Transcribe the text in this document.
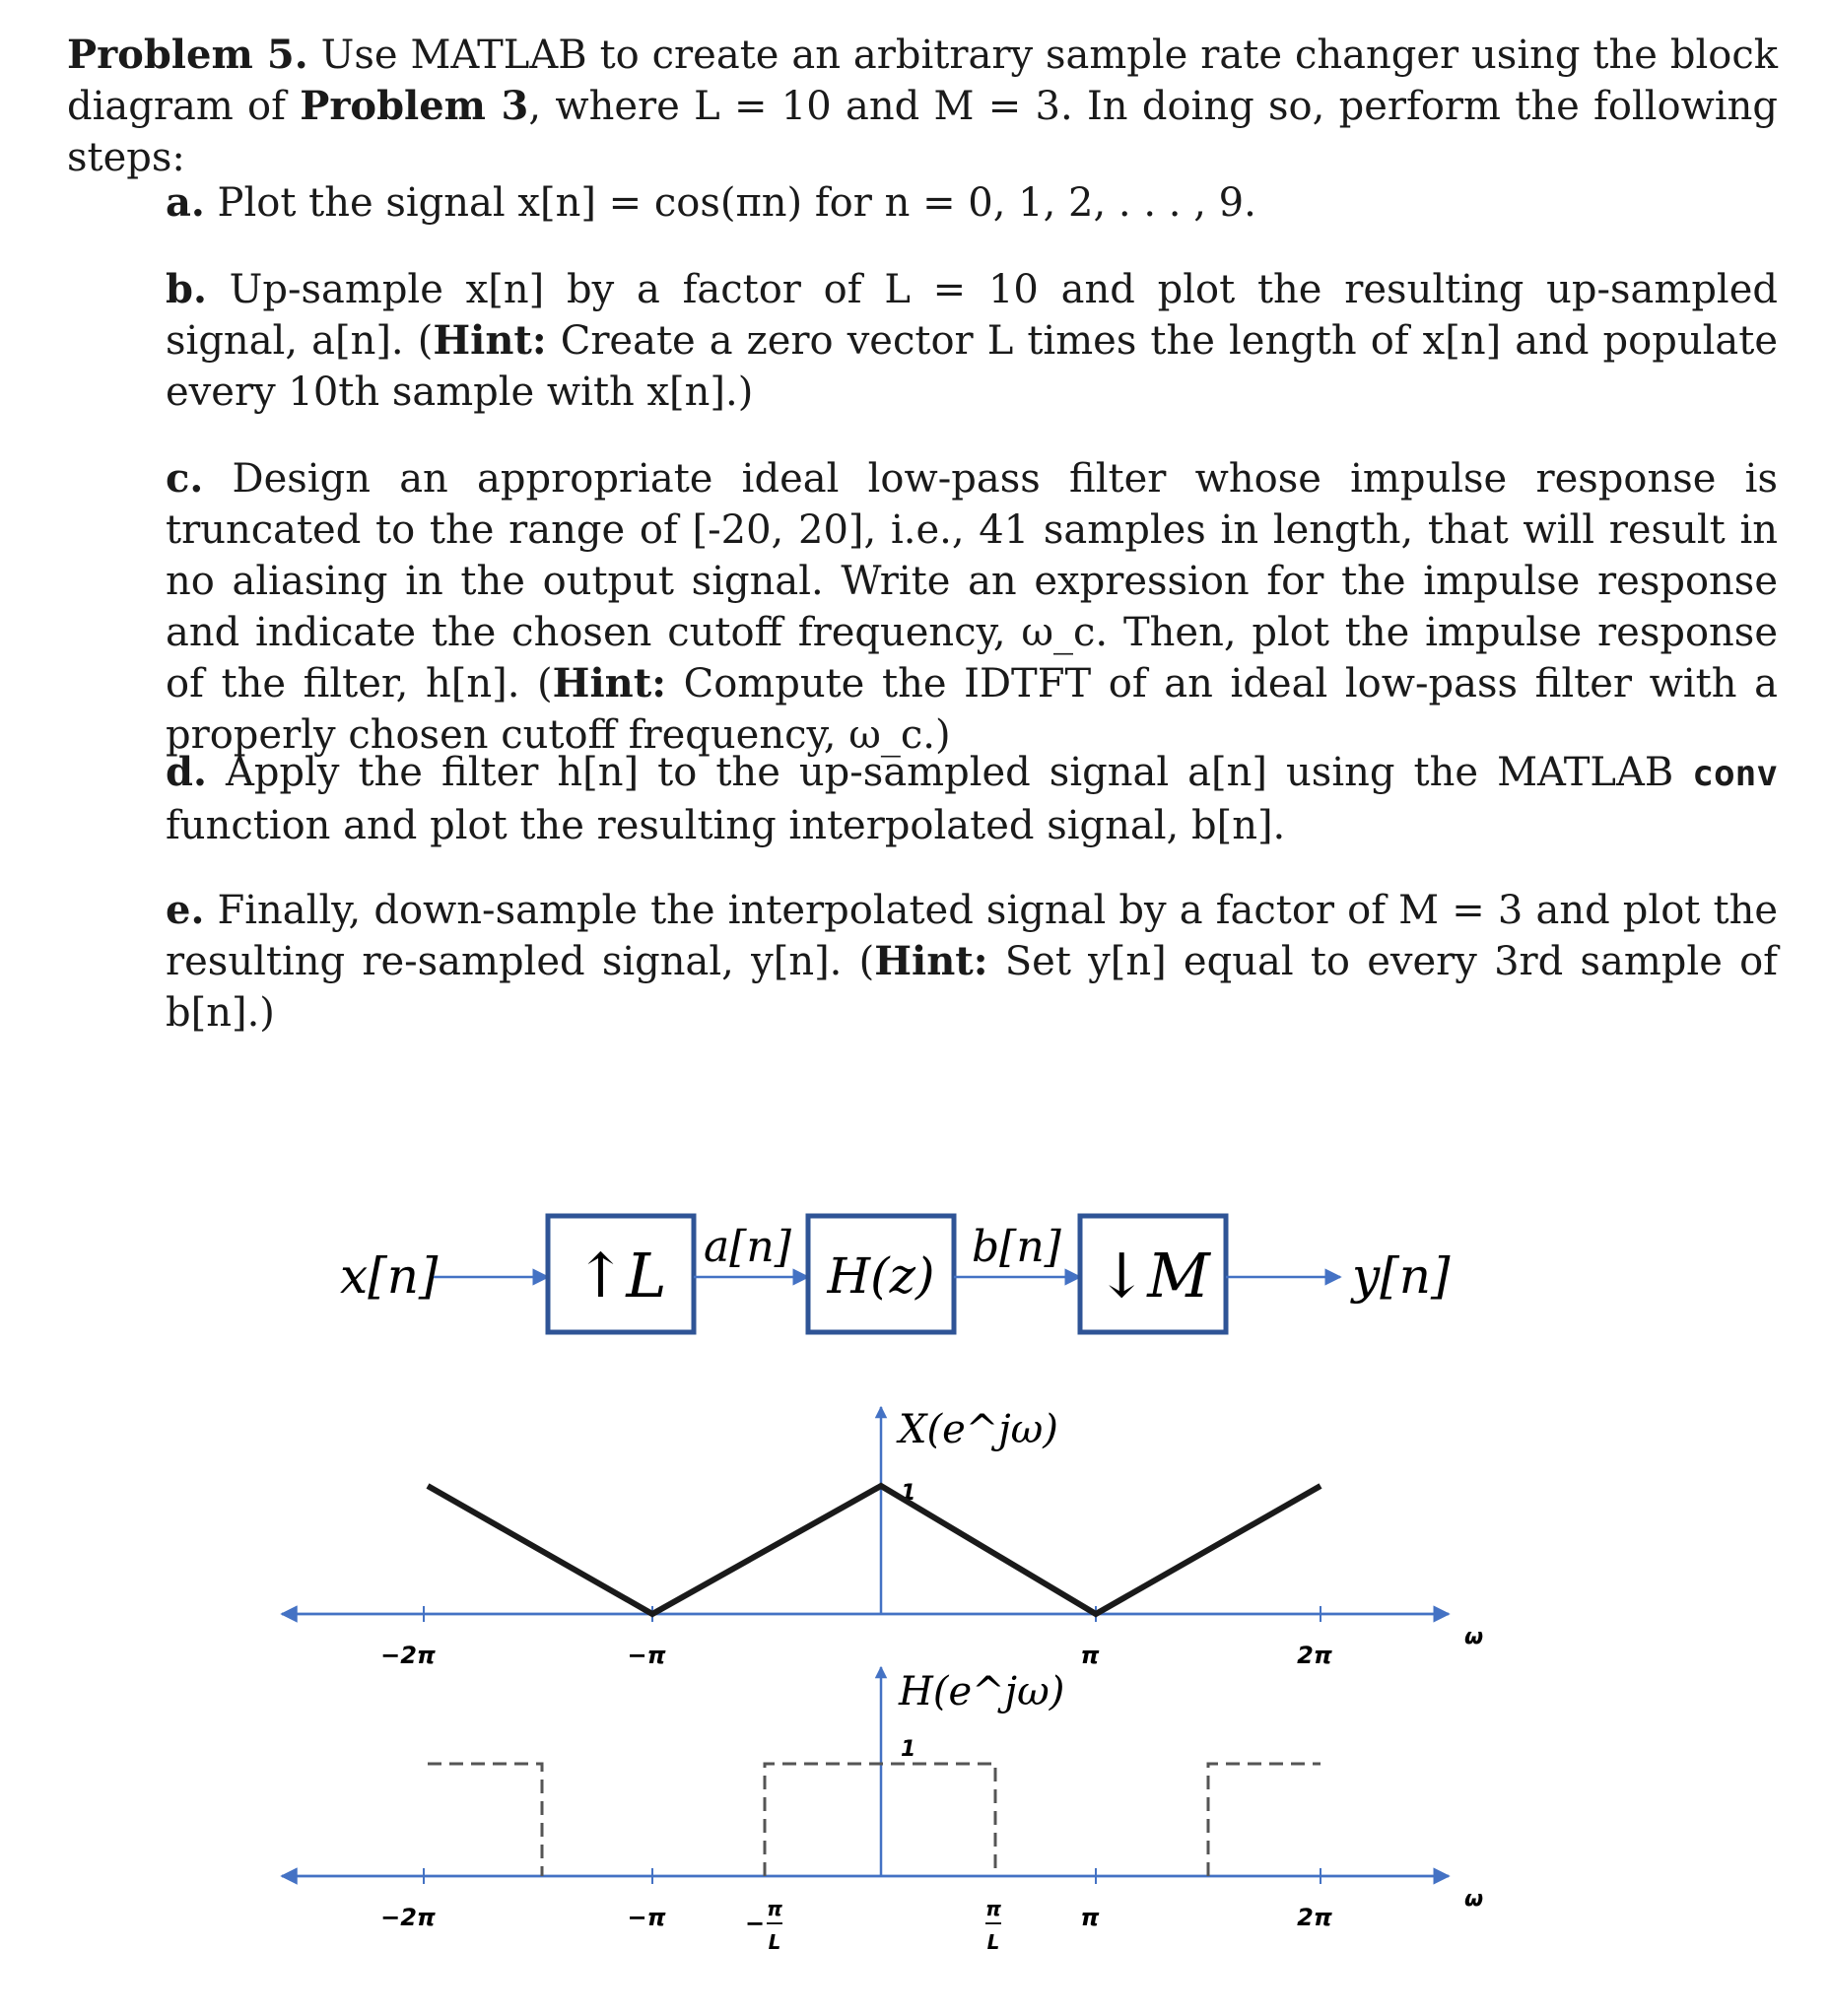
Problem 5. Use MATLAB to create an arbitrary sample rate changer using the block diagram of Problem 3, where L = 10 and M = 3. In doing so, perform the following steps:
a. Plot the signal x[n] = cos(πn) for n = 0, 1, 2, . . . , 9.
b. Up-sample x[n] by a factor of L = 10 and plot the resulting up-sampled signal, a[n]. (Hint: Create a zero vector L times the length of x[n] and populate every 10th sample with x[n].)
c. Design an appropriate ideal low-pass filter whose impulse response is truncated to the range of [-20, 20], i.e., 41 samples in length, that will result in no aliasing in the output signal. Write an expression for the impulse response and indicate the chosen cutoff frequency, ω_c. Then, plot the impulse response of the filter, h[n]. (Hint: Compute the IDTFT of an ideal low-pass filter with a properly chosen cutoff frequency, ω_c.)
d. Apply the filter h[n] to the up-sampled signal a[n] using the MATLAB conv function and plot the resulting interpolated signal, b[n].
e. Finally, down-sample the interpolated signal by a factor of M = 3 and plot the resulting re-sampled signal, y[n]. (Hint: Set y[n] equal to every 3rd sample of b[n].)
x[n] ↑L a[n]
H(z)
b[n] ↓M	y[n]
X(e^jω)
1
ω
−2π	−π	π	2π
H(e^jω)
1
ω
−2π	−π	−
π
L
π
L
π	2π
